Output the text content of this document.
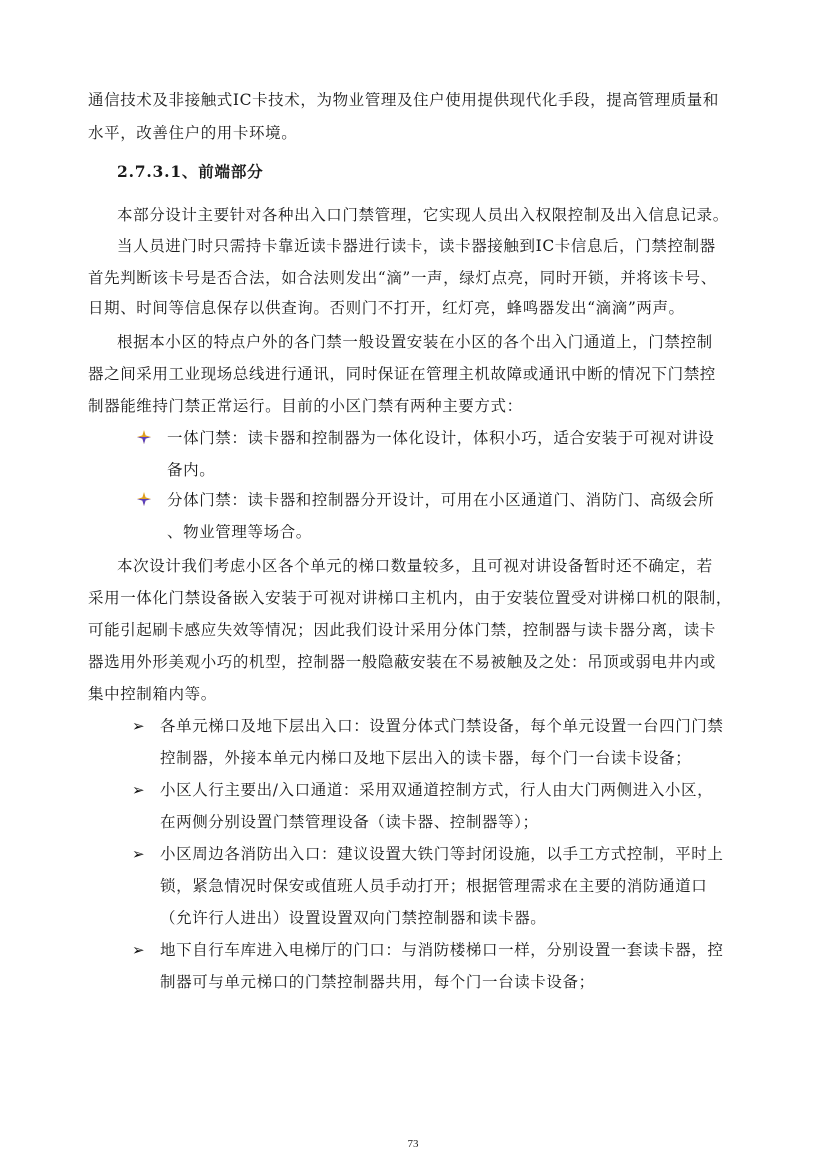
通信技术及非接触式IC卡技术，为物业管理及住户使用提供现代化手段，提高管理质量和
水平，改善住户的用卡环境。
2.7.3.1、前端部分
本部分设计主要针对各种出入口门禁管理，它实现人员出入权限控制及出入信息记录。
当人员进门时只需持卡靠近读卡器进行读卡，读卡器接触到IC卡信息后，门禁控制器
首先判断该卡号是否合法，如合法则发出“滴”一声，绿灯点亮，同时开锁，并将该卡号、
日期、时间等信息保存以供查询。否则门不打开，红灯亮，蜂鸣器发出“滴滴”两声。
根据本小区的特点户外的各门禁一般设置安装在小区的各个出入门通道上，门禁控制
器之间采用工业现场总线进行通讯，同时保证在管理主机故障或通讯中断的情况下门禁控
制器能维持门禁正常运行。目前的小区门禁有两种主要方式：
一体门禁：读卡器和控制器为一体化设计，体积小巧，适合安装于可视对讲设
备内。
分体门禁：读卡器和控制器分开设计，可用在小区通道门、消防门、高级会所
、物业管理等场合。
本次设计我们考虑小区各个单元的梯口数量较多，且可视对讲设备暂时还不确定，若
采用一体化门禁设备嵌入安装于可视对讲梯口主机内，由于安装位置受对讲梯口机的限制，
可能引起刷卡感应失效等情况；因此我们设计采用分体门禁，控制器与读卡器分离，读卡
器选用外形美观小巧的机型，控制器一般隐蔽安装在不易被触及之处：吊顶或弱电井内或
集中控制箱内等。
➢ 各单元梯口及地下层出入口：设置分体式门禁设备，每个单元设置一台四门门禁
控制器，外接本单元内梯口及地下层出入的读卡器，每个门一台读卡设备；
➢ 小区人行主要出/入口通道：采用双通道控制方式，行人由大门两侧进入小区，
在两侧分别设置门禁管理设备（读卡器、控制器等）；
➢ 小区周边各消防出入口：建议设置大铁门等封闭设施，以手工方式控制，平时上
锁，紧急情况时保安或值班人员手动打开；根据管理需求在主要的消防通道口
（允许行人进出）设置设置双向门禁控制器和读卡器。
➢ 地下自行车库进入电梯厅的门口：与消防楼梯口一样，分别设置一套读卡器，控
制器可与单元梯口的门禁控制器共用，每个门一台读卡设备；
73
